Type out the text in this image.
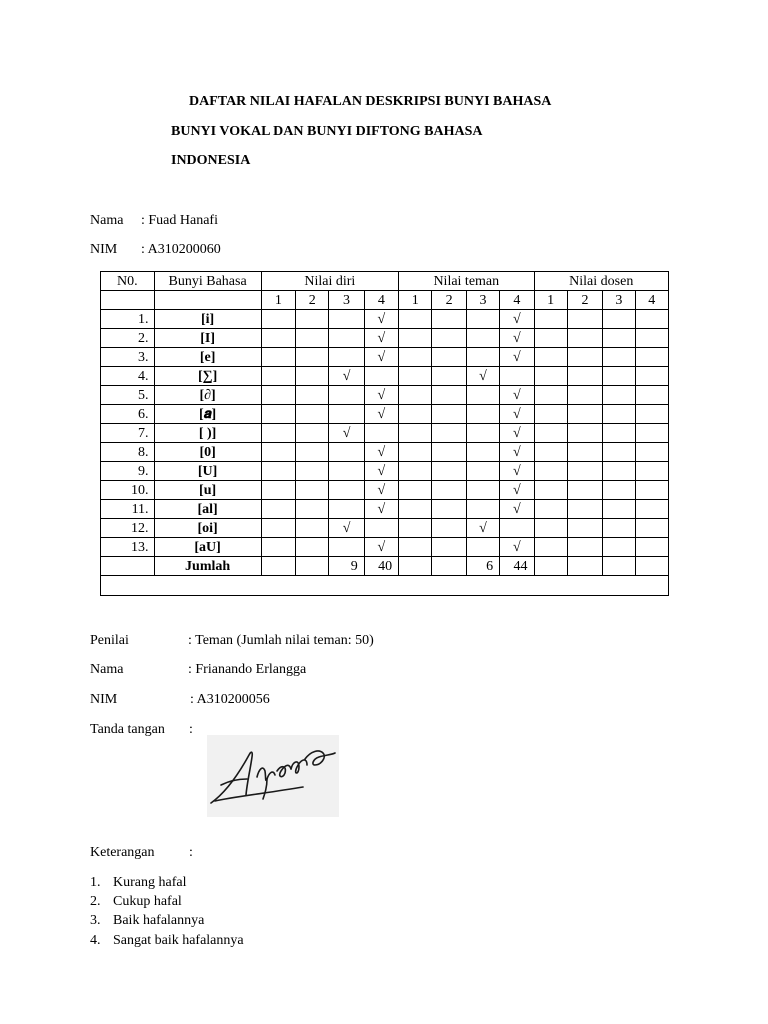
DAFTAR NILAI HAFALAN DESKRIPSI BUNYI BAHASA
BUNYI VOKAL DAN BUNYI DIFTONG BAHASA
INDONESIA
Nama : Fuad Hanafi
NIM : A310200060
N0.	Bunyi Bahasa	Nilai diri				Nilai teman				Nilai dosen			
		1	2	3	4	1	2	3	4	1	2	3	4
1.	[i]				√				√				
2.	[I]				√				√				
3.	[e]				√				√				
4.	[∑]			√				√					
5.	[∂]				√				√				
6.	[𝒂]				√				√				
7.	[ )]			√					√				
8.	[0]				√				√				
9.	[U]				√				√				
10.	[u]				√				√				
11.	[al]				√				√				
12.	[oi]			√				√					
13.	[aU]				√				√				
	Jumlah			9	40			6	44				

Penilai	: Teman (Jumlah nilai teman: 50)
Nama	: Frianando Erlangga
NIM	: A310200056
Tanda tangan :
Keterangan :
1. Kurang hafal
2. Cukup hafal
3. Baik hafalannya
4. Sangat baik hafalannya
